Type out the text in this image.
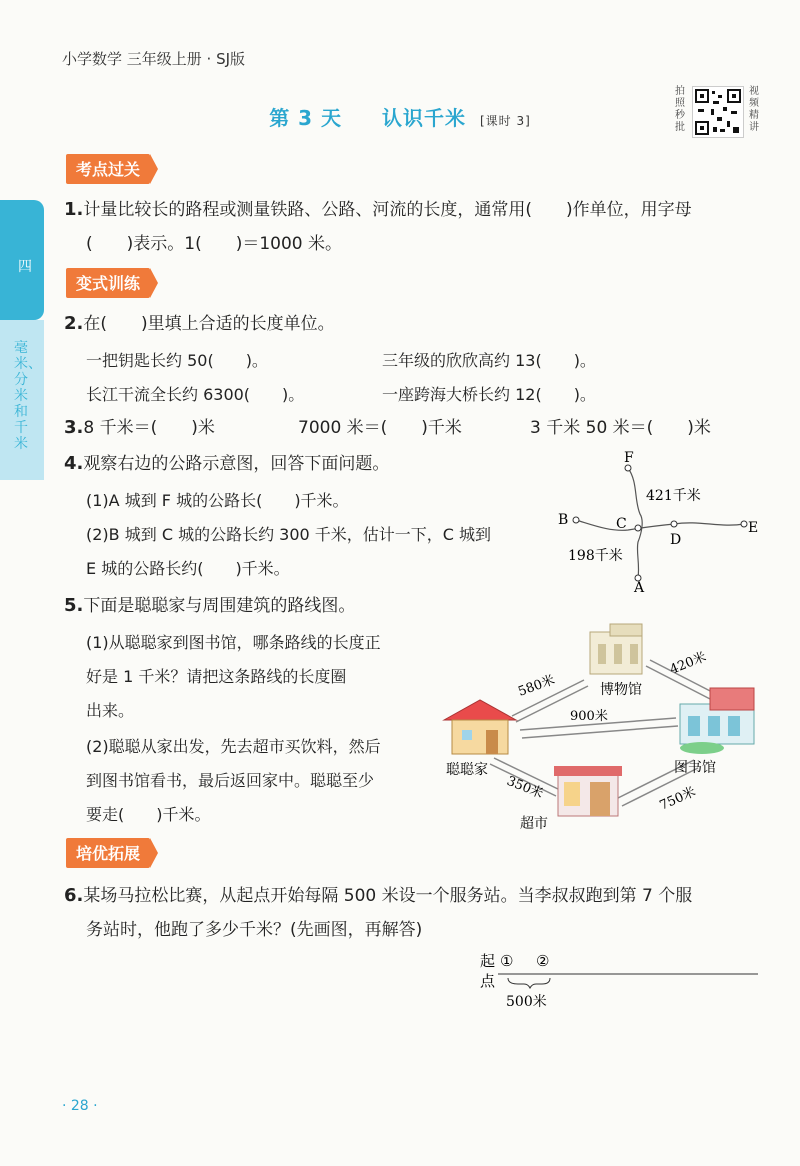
小学数学 三年级上册 · SJ版
第 3 天 认识千米 [课时 3]
拍照秒批
视频精讲
四
毫米、分米和千米
考点过关
1.计量比较长的路程或测量铁路、公路、河流的长度，通常用(　　)作单位，用字母
(　　)表示。1(　　)＝1000 米。
变式训练
2.在(　　)里填上合适的长度单位。
一把钥匙长约 50(　　)。	三年级的欣欣高约 13(　　)。
长江干流全长约 6300(　　)。	一座跨海大桥长约 12(　　)。
3.8 千米＝(　　)米	7000 米＝(　　)千米	3 千米 50 米＝(　　)米
4.观察右边的公路示意图，回答下面问题。
(1)A 城到 F 城的公路长(　　)千米。
(2)B 城到 C 城的公路长约 300 千米，估计一下，C 城到
E 城的公路长约(　　)千米。
F
B	C
D
E
A
421千米
198千米
5.下面是聪聪家与周围建筑的路线图。
(1)从聪聪家到图书馆，哪条路线的长度正
好是 1 千米？请把这条路线的长度圈
出来。
(2)聪聪从家出发，先去超市买饮料，然后
到图书馆看书，最后返回家中。聪聪至少
要走(　　)千米。
聪聪家
博物馆
图书馆
超市
580米
420米
900米
350米	750米
培优拓展
6.某场马拉松比赛，从起点开始每隔 500 米设一个服务站。当李叔叔跑到第 7 个服
务站时，他跑了多少千米？(先画图，再解答)
起
点
① ②
500米
· 28 ·
